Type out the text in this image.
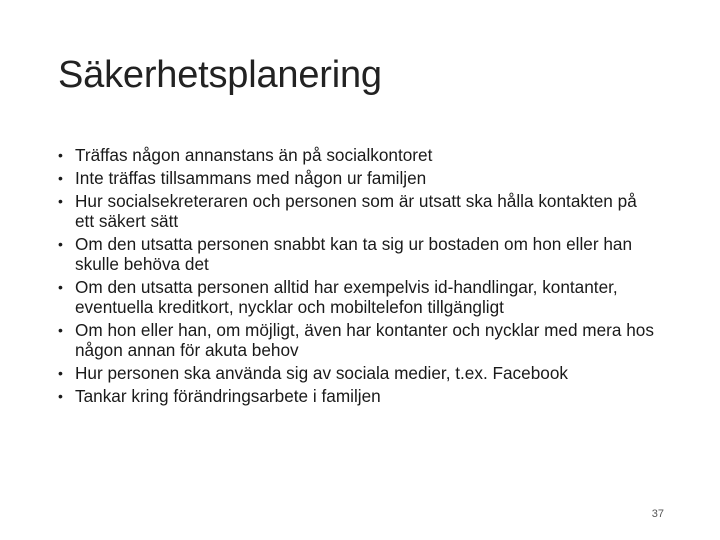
Säkerhetsplanering
• Träffas någon annanstans än på socialkontoret
• Inte träffas tillsammans med någon ur familjen
• Hur socialsekreteraren och personen som är utsatt ska hålla kontakten på ett säkert sätt
• Om den utsatta personen snabbt kan ta sig ur bostaden om hon eller han skulle behöva det
• Om den utsatta personen alltid har exempelvis id-handlingar, kontanter, eventuella kreditkort, nycklar och mobiltelefon tillgängligt
• Om hon eller han, om möjligt, även har kontanter och nycklar med mera hos någon annan för akuta behov
• Hur personen ska använda sig av sociala medier, t.ex. Facebook
• Tankar kring förändringsarbete i familjen
37
